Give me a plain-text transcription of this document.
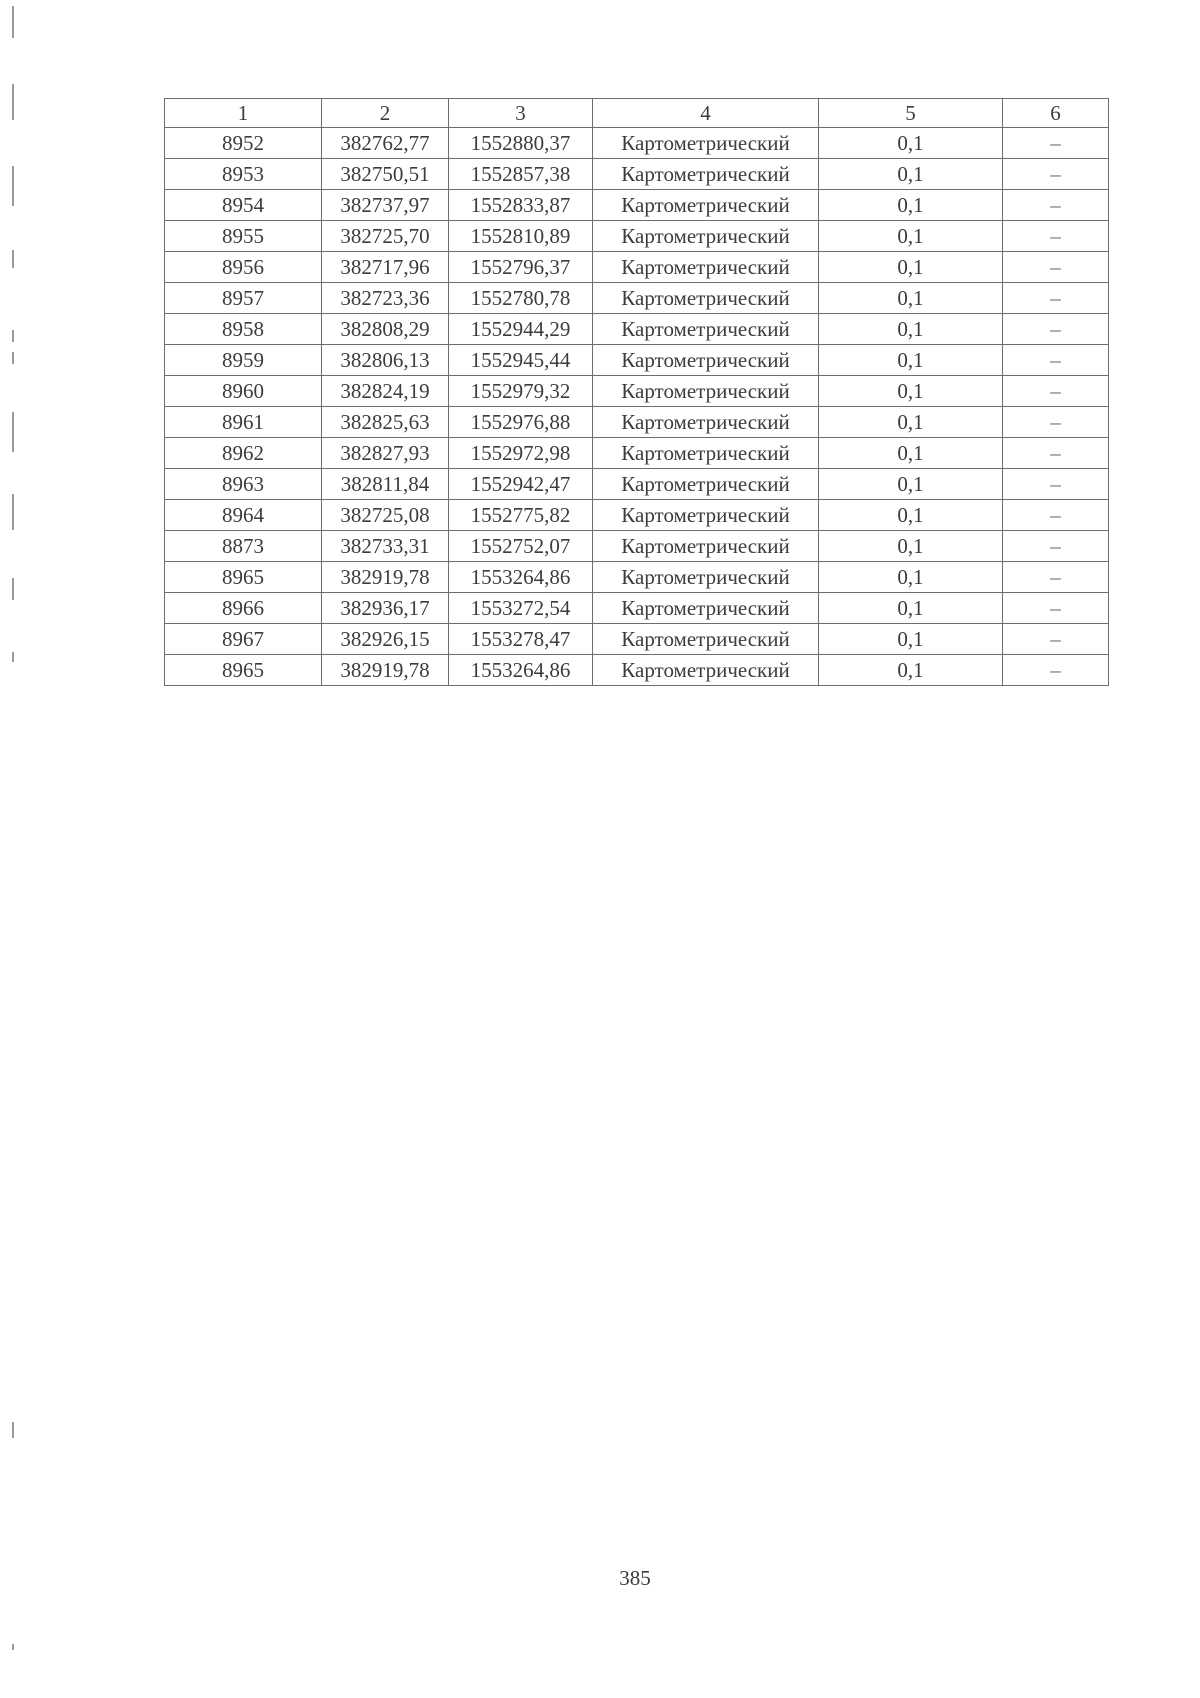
1	2	3	4	5	6
8952	382762,77	1552880,37	Картометрический	0,1	–
8953	382750,51	1552857,38	Картометрический	0,1	–
8954	382737,97	1552833,87	Картометрический	0,1	–
8955	382725,70	1552810,89	Картометрический	0,1	–
8956	382717,96	1552796,37	Картометрический	0,1	–
8957	382723,36	1552780,78	Картометрический	0,1	–
8958	382808,29	1552944,29	Картометрический	0,1	–
8959	382806,13	1552945,44	Картометрический	0,1	–
8960	382824,19	1552979,32	Картометрический	0,1	–
8961	382825,63	1552976,88	Картометрический	0,1	–
8962	382827,93	1552972,98	Картометрический	0,1	–
8963	382811,84	1552942,47	Картометрический	0,1	–
8964	382725,08	1552775,82	Картометрический	0,1	–
8873	382733,31	1552752,07	Картометрический	0,1	–
8965	382919,78	1553264,86	Картометрический	0,1	–
8966	382936,17	1553272,54	Картометрический	0,1	–
8967	382926,15	1553278,47	Картометрический	0,1	–
8965	382919,78	1553264,86	Картометрический	0,1	–
385
